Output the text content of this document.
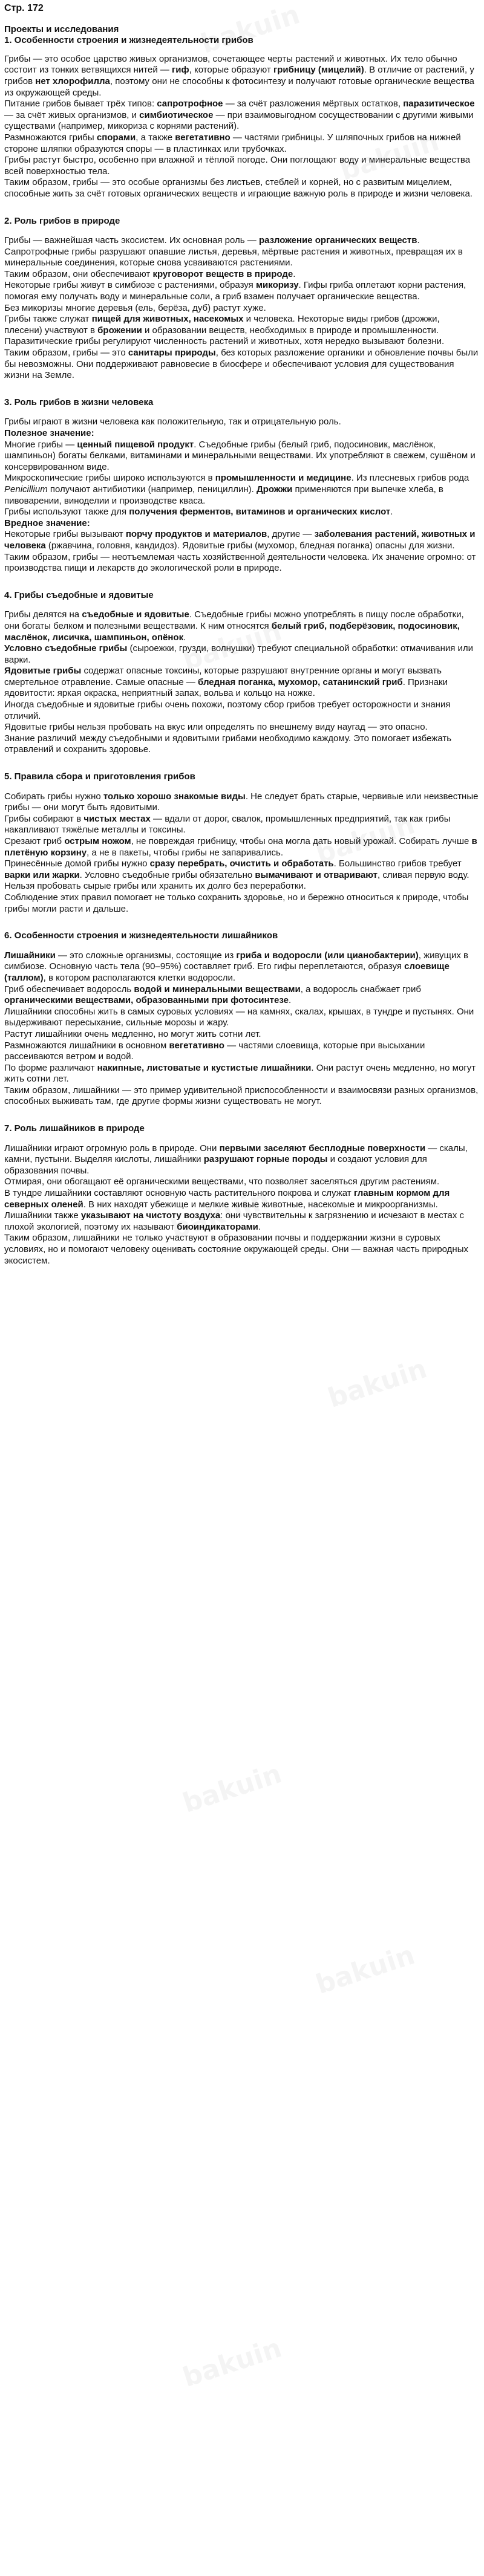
Стр. 172
Проекты и исследования
1. Особенности строения и жизнедеятельности грибов
Грибы — это особое царство живых организмов, сочетающее черты растений и животных. Их тело обычно состоит из тонких ветвящихся нитей — гиф, которые образуют грибницу (мицелий). В отличие от растений, у грибов нет хлорофилла, поэтому они не способны к фотосинтезу и получают готовые органические вещества из окружающей среды.
Питание грибов бывает трёх типов: сапротрофное — за счёт разложения мёртвых остатков, паразитическое — за счёт живых организмов, и симбиотическое — при взаимовыгодном сосуществовании с другими живыми существами (например, микориза с корнями растений).
Размножаются грибы спорами, а также вегетативно — частями грибницы. У шляпочных грибов на нижней стороне шляпки образуются споры — в пластинках или трубочках.
Грибы растут быстро, особенно при влажной и тёплой погоде. Они поглощают воду и минеральные вещества всей поверхностью тела.
Таким образом, грибы — это особые организмы без листьев, стеблей и корней, но с развитым мицелием, способные жить за счёт готовых органических веществ и играющие важную роль в природе и жизни человека.
2. Роль грибов в природе
Грибы — важнейшая часть экосистем. Их основная роль — разложение органических веществ. Сапротрофные грибы разрушают опавшие листья, деревья, мёртвые растения и животных, превращая их в минеральные соединения, которые снова усваиваются растениями.
Таким образом, они обеспечивают круговорот веществ в природе.
Некоторые грибы живут в симбиозе с растениями, образуя микоризу. Гифы гриба оплетают корни растения, помогая ему получать воду и минеральные соли, а гриб взамен получает органические вещества.
Без микоризы многие деревья (ель, берёза, дуб) растут хуже.
Грибы также служат пищей для животных, насекомых и человека. Некоторые виды грибов (дрожжи, плесени) участвуют в брожении и образовании веществ, необходимых в природе и промышленности.
Паразитические грибы регулируют численность растений и животных, хотя нередко вызывают болезни.
Таким образом, грибы — это санитары природы, без которых разложение органики и обновление почвы были бы невозможны. Они поддерживают равновесие в биосфере и обеспечивают условия для существования жизни на Земле.
3. Роль грибов в жизни человека
Грибы играют в жизни человека как положительную, так и отрицательную роль.
Полезное значение:
Многие грибы — ценный пищевой продукт. Съедобные грибы (белый гриб, подосиновик, маслёнок, шампиньон) богаты белками, витаминами и минеральными веществами. Их употребляют в свежем, сушёном и консервированном виде.
Микроскопические грибы широко используются в промышленности и медицине. Из плесневых грибов рода Penicillium получают антибиотики (например, пенициллин). Дрожжи применяются при выпечке хлеба, в пивоварении, виноделии и производстве кваса.
Грибы используют также для получения ферментов, витаминов и органических кислот.
Вредное значение:
Некоторые грибы вызывают порчу продуктов и материалов, другие — заболевания растений, животных и человека (ржавчина, головня, кандидоз). Ядовитые грибы (мухомор, бледная поганка) опасны для жизни.
Таким образом, грибы — неотъемлемая часть хозяйственной деятельности человека. Их значение огромно: от производства пищи и лекарств до экологической роли в природе.
4. Грибы съедобные и ядовитые
Грибы делятся на съедобные и ядовитые. Съедобные грибы можно употреблять в пищу после обработки, они богаты белком и полезными веществами. К ним относятся белый гриб, подберёзовик, подосиновик, маслёнок, лисичка, шампиньон, опёнок.
Условно съедобные грибы (сыроежки, грузди, волнушки) требуют специальной обработки: отмачивания или варки.
Ядовитые грибы содержат опасные токсины, которые разрушают внутренние органы и могут вызвать смертельное отравление. Самые опасные — бледная поганка, мухомор, сатанинский гриб. Признаки ядовитости: яркая окраска, неприятный запах, вольва и кольцо на ножке.
Иногда съедобные и ядовитые грибы очень похожи, поэтому сбор грибов требует осторожности и знания отличий.
Ядовитые грибы нельзя пробовать на вкус или определять по внешнему виду наугад — это опасно.
Знание различий между съедобными и ядовитыми грибами необходимо каждому. Это помогает избежать отравлений и сохранить здоровье.
5. Правила сбора и приготовления грибов
Собирать грибы нужно только хорошо знакомые виды. Не следует брать старые, червивые или неизвестные грибы — они могут быть ядовитыми.
Грибы собирают в чистых местах — вдали от дорог, свалок, промышленных предприятий, так как грибы накапливают тяжёлые металлы и токсины.
Срезают гриб острым ножом, не повреждая грибницу, чтобы она могла дать новый урожай. Собирать лучше в плетёную корзину, а не в пакеты, чтобы грибы не запаривались.
Принесённые домой грибы нужно сразу перебрать, очистить и обработать. Большинство грибов требует варки или жарки. Условно съедобные грибы обязательно вымачивают и отваривают, сливая первую воду.
Нельзя пробовать сырые грибы или хранить их долго без переработки.
Соблюдение этих правил помогает не только сохранить здоровье, но и бережно относиться к природе, чтобы грибы могли расти и дальше.
6. Особенности строения и жизнедеятельности лишайников
Лишайники — это сложные организмы, состоящие из гриба и водоросли (или цианобактерии), живущих в симбиозе. Основную часть тела (90–95%) составляет гриб. Его гифы переплетаются, образуя слоевище (таллом), в котором располагаются клетки водоросли.
Гриб обеспечивает водоросль водой и минеральными веществами, а водоросль снабжает гриб органическими веществами, образованными при фотосинтезе.
Лишайники способны жить в самых суровых условиях — на камнях, скалах, крышах, в тундре и пустынях. Они выдерживают пересыхание, сильные морозы и жару.
Растут лишайники очень медленно, но могут жить сотни лет.
Размножаются лишайники в основном вегетативно — частями слоевища, которые при высыхании рассеиваются ветром и водой.
По форме различают накипные, листоватые и кустистые лишайники. Они растут очень медленно, но могут жить сотни лет.
Таким образом, лишайники — это пример удивительной приспособленности и взаимосвязи разных организмов, способных выживать там, где другие формы жизни существовать не могут.
7. Роль лишайников в природе
Лишайники играют огромную роль в природе. Они первыми заселяют бесплодные поверхности — скалы, камни, пустыни. Выделяя кислоты, лишайники разрушают горные породы и создают условия для образования почвы.
Отмирая, они обогащают её органическими веществами, что позволяет заселяться другим растениям.
В тундре лишайники составляют основную часть растительного покрова и служат главным кормом для северных оленей. В них находят убежище и мелкие живые животные, насекомые и микроорганизмы.
Лишайники также указывают на чистоту воздуха: они чувствительны к загрязнению и исчезают в местах с плохой экологией, поэтому их называют биоиндикаторами.
Таким образом, лишайники не только участвуют в образовании почвы и поддержании жизни в суровых условиях, но и помогают человеку оценивать состояние окружающей среды. Они — важная часть природных экосистем.
